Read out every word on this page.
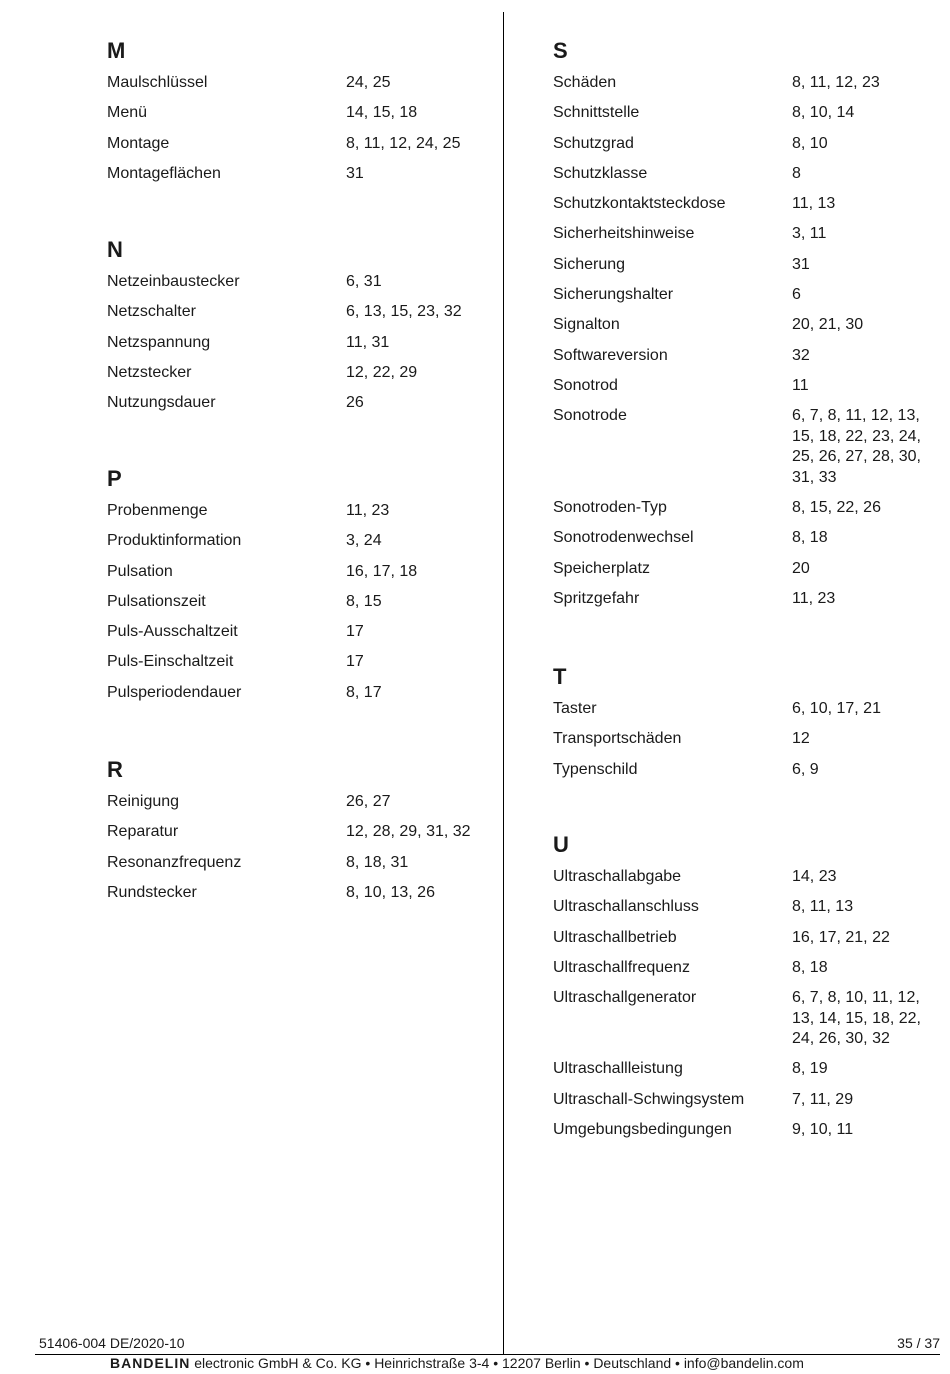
M
Maulschlüssel	24, 25
Menü	14, 15, 18
Montage	8, 11, 12, 24, 25
Montageflächen	31
N
Netzeinbaustecker	6, 31
Netzschalter	6, 13, 15, 23, 32
Netzspannung	11, 31
Netzstecker	12, 22, 29
Nutzungsdauer	26
P
Probenmenge	11, 23
Produktinformation	3, 24
Pulsation	16, 17, 18
Pulsationszeit	8, 15
Puls-Ausschaltzeit	17
Puls-Einschaltzeit	17
Pulsperiodendauer	8, 17
R
Reinigung	26, 27
Reparatur	12, 28, 29, 31, 32
Resonanzfrequenz	8, 18, 31
Rundstecker	8, 10, 13, 26
S
Schäden	8, 11, 12, 23
Schnittstelle	8, 10, 14
Schutzgrad	8, 10
Schutzklasse	8
Schutzkontaktsteckdose	11, 13
Sicherheitshinweise	3, 11
Sicherung	31
Sicherungshalter	6
Signalton	20, 21, 30
Softwareversion	32
Sonotrod	11
Sonotrode	6, 7, 8, 11, 12, 13,
15, 18, 22, 23, 24,
25, 26, 27, 28, 30,
31, 33
Sonotroden-Typ	8, 15, 22, 26
Sonotrodenwechsel	8, 18
Speicherplatz	20
Spritzgefahr	11, 23
T
Taster	6, 10, 17, 21
Transportschäden	12
Typenschild	6, 9
U
Ultraschallabgabe	14, 23
Ultraschallanschluss	8, 11, 13
Ultraschallbetrieb	16, 17, 21, 22
Ultraschallfrequenz	8, 18
Ultraschallgenerator	6, 7, 8, 10, 11, 12,
13, 14, 15, 18, 22,
24, 26, 30, 32
Ultraschallleistung	8, 19
Ultraschall-Schwingsystem	7, 11, 29
Umgebungsbedingungen	9, 10, 11
51406-004 DE/2020-10	35 / 37
BANDELIN electronic GmbH & Co. KG • Heinrichstraße 3-4 • 12207 Berlin • Deutschland • info@bandelin.com
